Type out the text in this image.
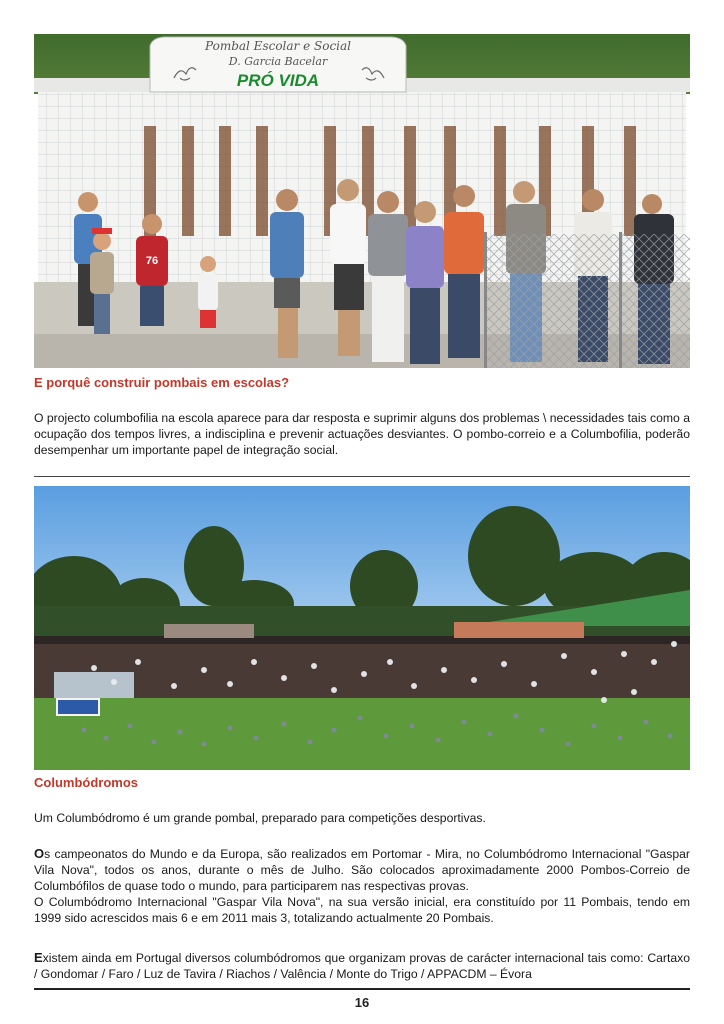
Pombal Escolar e Social
D. Garcia Bacelar
PRÓ VIDA
76
E porquê construir pombais em escolas?
O projecto columbofilia na escola aparece para dar resposta e suprimir alguns dos problemas \ necessidades tais como a ocupação dos tempos livres, a indisciplina e prevenir actuações desviantes. O pombo-correio e a Columbofilia, poderão desempenhar um importante papel de integração social.
Columbódromos
Um Columbódromo é um grande pombal, preparado para competições desportivas.
Os campeonatos do Mundo e da Europa, são realizados em Portomar - Mira, no Columbódromo Internacional "Gaspar Vila Nova", todos os anos, durante o mês de Julho. São colocados aproximadamente 2000 Pombos-Correio de Columbófilos de quase todo o mundo, para participarem nas respectivas provas.
O Columbódromo Internacional "Gaspar Vila Nova", na sua versão inicial, era constituído por 11 Pombais, tendo em 1999 sido acrescidos mais 6 e em 2011 mais 3, totalizando actualmente 20 Pombais.
Existem ainda em Portugal diversos columbódromos que organizam provas de carácter internacional tais como: Cartaxo / Gondomar / Faro / Luz de Tavira / Riachos / Valência / Monte do Trigo / APPACDM – Évora
16
